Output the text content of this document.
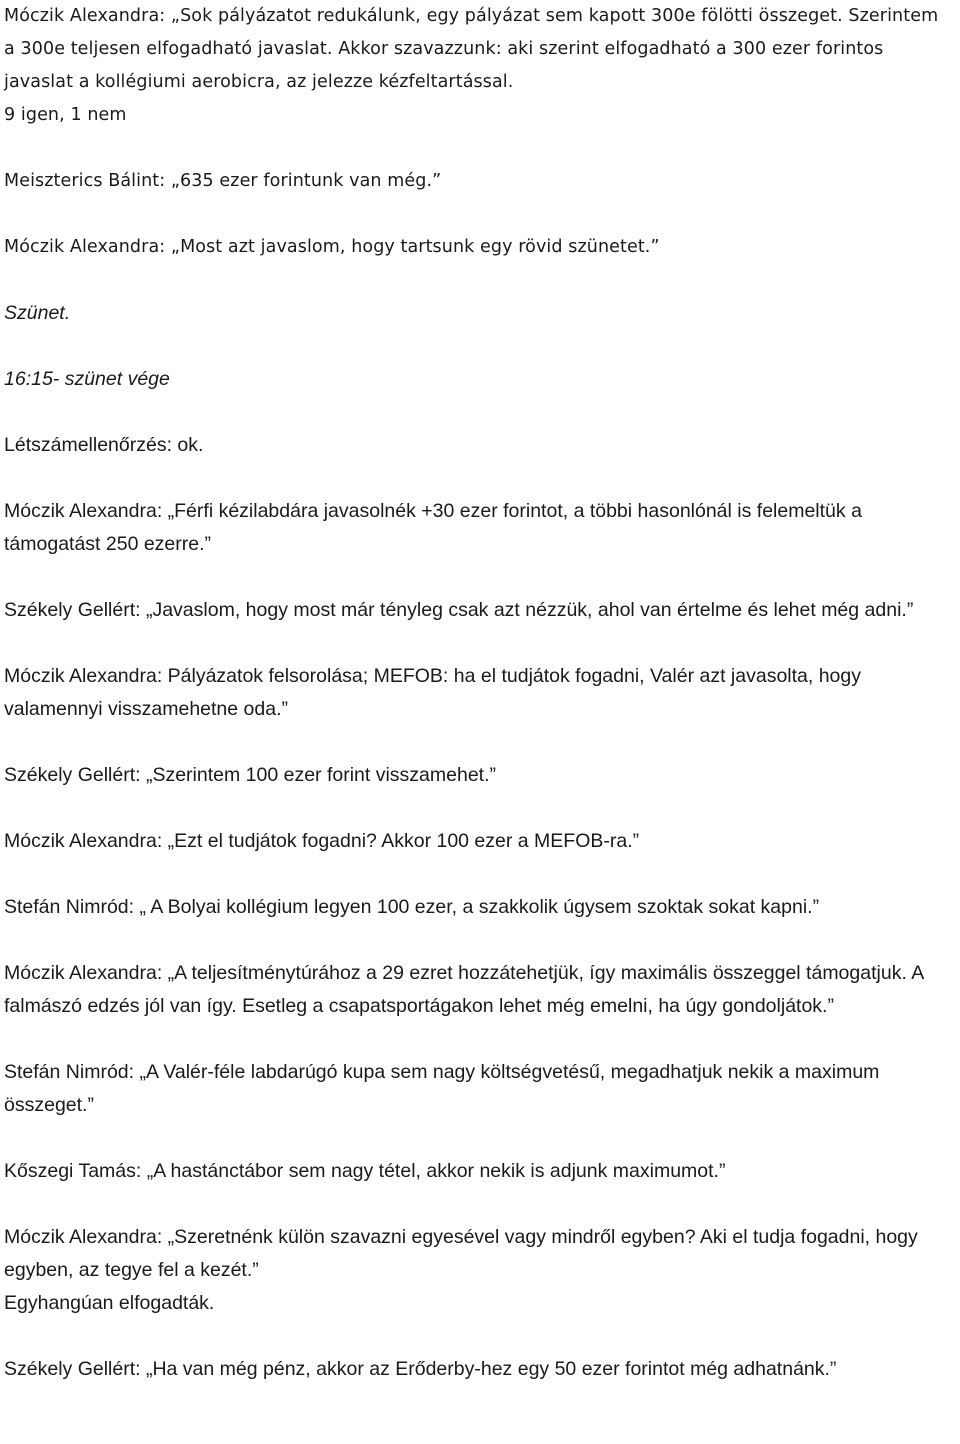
Móczik Alexandra: „Sok pályázatot redukálunk, egy pályázat sem kapott 300e fölötti összeget. Szerintem a 300e teljesen elfogadható javaslat. Akkor szavazzunk: aki szerint elfogadható a 300 ezer forintos javaslat a kollégiumi aerobicra, az jelezze kézfeltartással.

9 igen, 1 nem

Meiszterics Bálint: „635 ezer forintunk van még.”

Móczik Alexandra: „Most azt javaslom, hogy tartsunk egy rövid szünetet.”

Szünet.

16:15- szünet vége

Létszámellenőrzés: ok.

Móczik Alexandra: „Férfi kézilabdára javasolnék +30 ezer forintot, a többi hasonlónál is felemeltük a támogatást 250 ezerre.”

Székely Gellért: „Javaslom, hogy most már tényleg csak azt nézzük, ahol van értelme és lehet még adni.”

Móczik Alexandra: Pályázatok felsorolása; MEFOB: ha el tudjátok fogadni, Valér azt javasolta, hogy valamennyi visszamehetne oda.”

Székely Gellért: „Szerintem 100 ezer forint visszamehet.”

Móczik Alexandra: „Ezt el tudjátok fogadni? Akkor 100 ezer a MEFOB-ra.”

Stefán Nimród: „ A Bolyai kollégium legyen 100 ezer, a szakkolik úgysem szoktak sokat kapni.”

Móczik Alexandra: „A teljesítménytúrához a 29 ezret hozzátehetjük, így maximális összeggel támogatjuk. A falmászó edzés jól van így. Esetleg a csapatsportágakon lehet még emelni, ha úgy gondoljátok.”

Stefán Nimród: „A Valér-féle labdarúgó kupa sem nagy költségvetésű, megadhatjuk nekik a maximum összeget.”

Kőszegi Tamás: „A hastánctábor sem nagy tétel, akkor nekik is adjunk maximumot.”

Móczik Alexandra: „Szeretnénk külön szavazni egyesével vagy mindről egyben? Aki el tudja fogadni, hogy egyben, az tegye fel a kezét.”

Egyhangúan elfogadták.

Székely Gellért: „Ha van még pénz, akkor az Erőderby-hez egy 50 ezer forintot még adhatnánk.”
